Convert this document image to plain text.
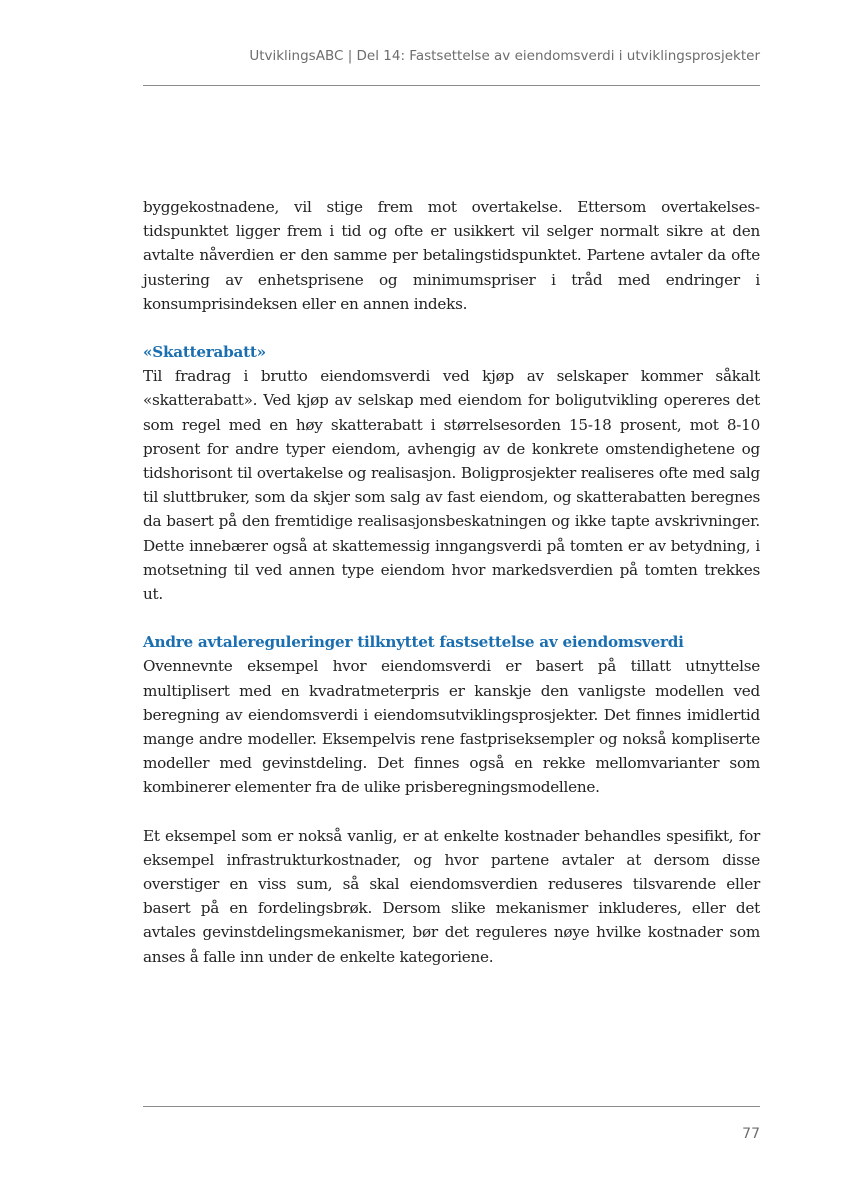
UtviklingsABC | Del 14: Fastsettelse av eiendomsverdi i utviklingsprosjekter

byggekostnadene, vil stige frem mot overtakelse. Ettersom overtakelsestidspunktet ligger frem i tid og ofte er usikkert vil selger normalt sikre at den avtalte nåverdien er den samme per betalingstidspunktet. Partene avtaler da ofte justering av enhetsprisene og minimumspriser i tråd med endringer i konsumprisindeksen eller en annen indeks.

«Skatterabatt»

Til fradrag i brutto eiendomsverdi ved kjøp av selskaper kommer såkalt «skatterabatt». Ved kjøp av selskap med eiendom for boligutvikling opereres det som regel med en høy skatterabatt i størrelsesorden 15-18 prosent, mot 8-10 prosent for andre typer eiendom, avhengig av de konkrete omstendighetene og tidshorisont til overtakelse og realisasjon. Boligprosjekter realiseres ofte med salg til sluttbruker, som da skjer som salg av fast eiendom, og skatterabatten beregnes da basert på den fremtidige realisasjonsbeskatningen og ikke tapte avskrivninger. Dette innebærer også at skattemessig inngangsverdi på tomten er av betydning, i motsetning til ved annen type eiendom hvor markedsverdien på tomten trekkes ut.

Andre avtalereguleringer tilknyttet fastsettelse av eiendomsverdi

Ovennevnte eksempel hvor eiendomsverdi er basert på tillatt utnyttelse multiplisert med en kvadratmeterpris er kanskje den vanligste modellen ved beregning av eiendomsverdi i eiendomsutviklingsprosjekter. Det finnes imidlertid mange andre modeller. Eksempelvis rene fastpriseksempler og nokså kompliserte modeller med gevinstdeling. Det finnes også en rekke mellomvarianter som kombinerer elementer fra de ulike prisberegningsmodellene.

Et eksempel som er nokså vanlig, er at enkelte kostnader behandles spesifikt, for eksempel infrastrukturkostnader, og hvor partene avtaler at dersom disse overstiger en viss sum, så skal eiendomsverdien reduseres tilsvarende eller basert på en fordelingsbrøk. Dersom slike mekanismer inkluderes, eller det avtales gevinstdelingsmekanismer, bør det reguleres nøye hvilke kostnader som anses å falle inn under de enkelte kategoriene.

77
